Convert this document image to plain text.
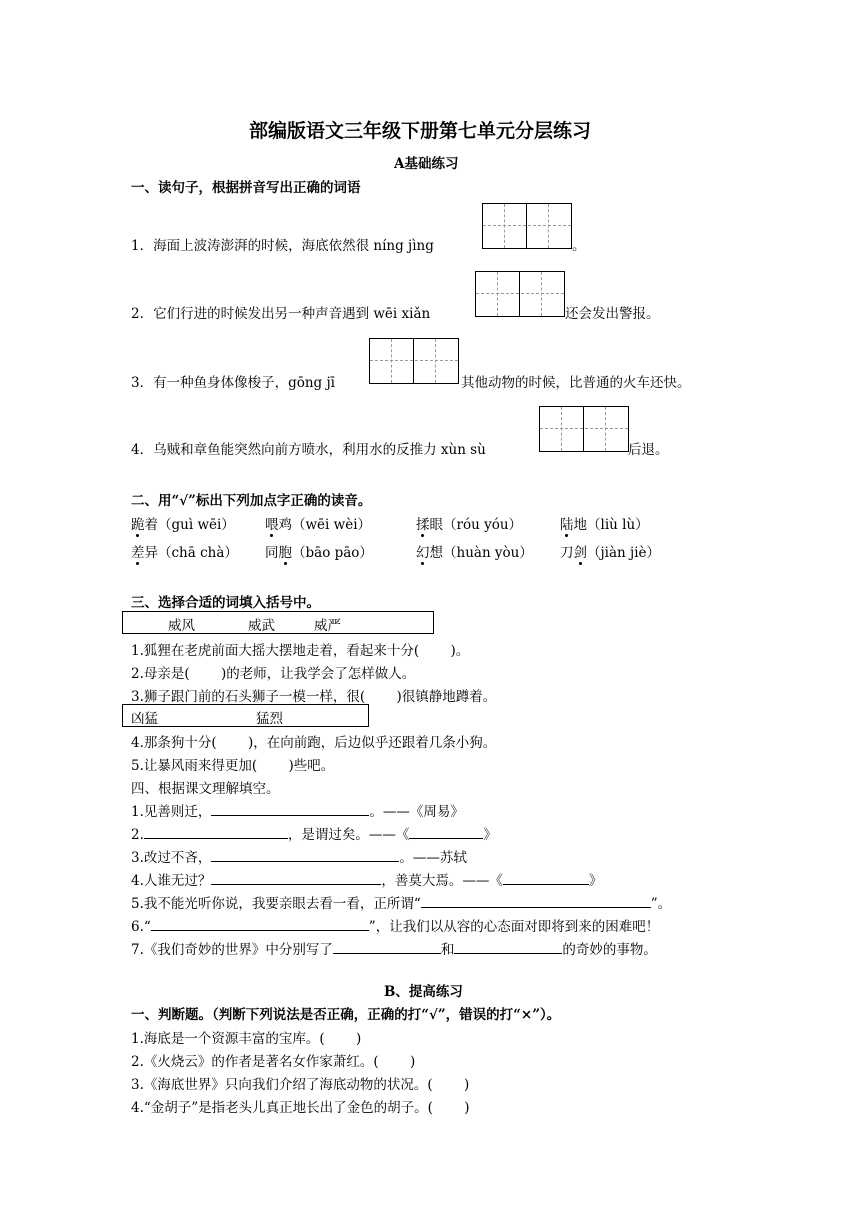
部编版语文三年级下册第七单元分层练习
A基础练习
一、读句子，根据拼音写出正确的词语
1．海面上波涛澎湃的时候，海底依然很 níng jìng	。
2．它们行进的时候发出另一种声音遇到 wēi xiǎn	还会发出警报。
3．有一种鱼身体像梭子，gōng jī	其他动物的时候，比普通的火车还快。
4．乌贼和章鱼能突然向前方喷水，利用水的反推力 xùn sù	后退。
二、用“√”标出下列加点字正确的读音。
跪着（guì wēi） 喂鸡（wēi wèi）	揉眼（róu yóu）	陆地（liù lù）
差异（chā chà） 同胞（bāo pāo）	幻想（huàn yòu） 刀剑（jiàn jiè）
三、选择合适的词填入括号中。
威风	威武	威严
1.狐狸在老虎前面大摇大摆地走着，看起来十分(　　 )。
2.母亲是(　　 )的老师，让我学会了怎样做人。
3.狮子跟门前的石头狮子一模一样，很(　　 )很镇静地蹲着。
凶猛	猛烈
4.那条狗十分(　　 )，在向前跑，后边似乎还跟着几条小狗。
5.让暴风雨来得更加(　　 )些吧。
四、根据课文理解填空。
1.见善则迁，	。——《周易》
2.	，是谓过矣。——《	》
3.改过不吝，	。——苏轼
4.人谁无过？	，善莫大焉。——《	》
5.我不能光听你说，我要亲眼去看一看，正所谓“	”。
6.“	”，让我们以从容的心态面对即将到来的困难吧！
7.《我们奇妙的世界》中分别写了	和	的奇妙的事物。
B、提高练习
一、判断题。（判断下列说法是否正确，正确的打“√”，错误的打“×”）。
1.海底是一个资源丰富的宝库。(　　 )
2.《火烧云》的作者是著名女作家萧红。(　　 )
3.《海底世界》只向我们介绍了海底动物的状况。(　　 )
4.“金胡子”是指老头儿真正地长出了金色的胡子。(　　 )
